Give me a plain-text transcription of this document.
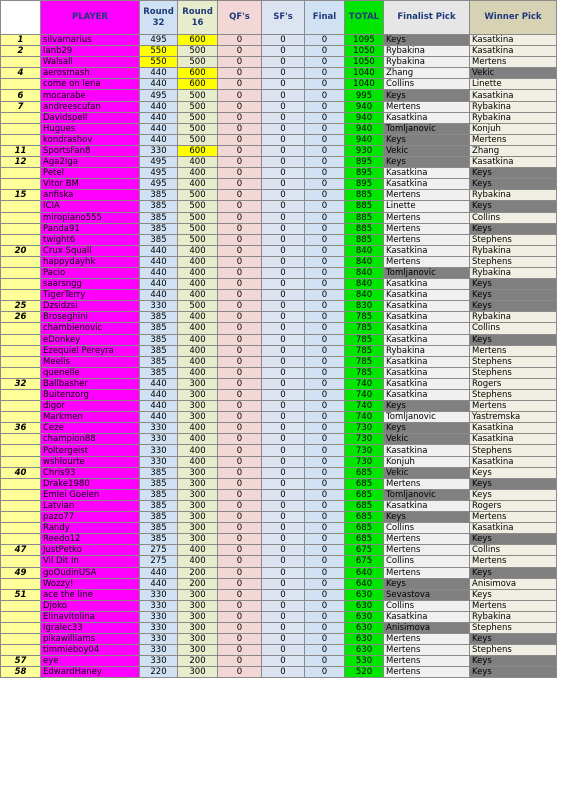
	PLAYER	Round 32	Round 16	QF's	SF's	Final	TOTAL	Finalist Pick	Winner Pick
1	silvamarius	495	600	0	0	0	1095	Keys	Kasatkina
2	Ianb29	550	500	0	0	0	1050	Rybakina	Kasatkina
	Walsall	550	500	0	0	0	1050	Rybakina	Mertens
4	aerosmash	440	600	0	0	0	1040	Zhang	Vekic
	come on lena	440	600	0	0	0	1040	Collins	Linette
6	mocarabe	495	500	0	0	0	995	Keys	Kasatkina
7	andreescufan	440	500	0	0	0	940	Mertens	Rybakina
	Davidspell	440	500	0	0	0	940	Kasatkina	Rybakina
	Hugues	440	500	0	0	0	940	Tomljanovic	Konjuh
	kondrashov	440	500	0	0	0	940	Keys	Mertens
11	SportsFan8	330	600	0	0	0	930	Vekic	Zhang
12	Aga2Iga	495	400	0	0	0	895	Keys	Kasatkina
	Petel	495	400	0	0	0	895	Kasatkina	Keys
	Vitor BM	495	400	0	0	0	895	Kasatkina	Keys
15	anfiska	385	500	0	0	0	885	Mertens	Rybakina
	ICIA	385	500	0	0	0	885	Linette	Keys
	miropiano555	385	500	0	0	0	885	Mertens	Collins
	Panda91	385	500	0	0	0	885	Mertens	Keys
	twight6	385	500	0	0	0	885	Mertens	Stephens
20	Crux Squall	440	400	0	0	0	840	Kasatkina	Rybakina
	happydayhk	440	400	0	0	0	840	Mertens	Stephens
	Pacio	440	400	0	0	0	840	Tomljanovic	Rybakina
	saarsngg	440	400	0	0	0	840	Kasatkina	Keys
	TigerTerry	440	400	0	0	0	840	Kasatkina	Keys
25	Dzsidzsi	330	500	0	0	0	830	Kasatkina	Keys
26	Broseghini	385	400	0	0	0	785	Kasatkina	Rybakina
	chambienovic	385	400	0	0	0	785	Kasatkina	Collins
	eDonkey	385	400	0	0	0	785	Kasatkina	Keys
	Ezequiel Pereyra	385	400	0	0	0	785	Rybakina	Mertens
	Meelis	385	400	0	0	0	785	Kasatkina	Stephens
	quenelle	385	400	0	0	0	785	Kasatkina	Stephens
32	Ballbasher	440	300	0	0	0	740	Kasatkina	Rogers
	Buitenzorg	440	300	0	0	0	740	Kasatkina	Stephens
	digor	440	300	0	0	0	740	Keys	Mertens
	Markmen	440	300	0	0	0	740	Tomljanovic	Yastremska
36	Ceze	330	400	0	0	0	730	Keys	Kasatkina
	champion88	330	400	0	0	0	730	Vekic	Kasatkina
	Poltergeist	330	400	0	0	0	730	Kasatkina	Stephens
	wshlourte	330	400	0	0	0	730	Konjuh	Kasatkina
40	Chris93	385	300	0	0	0	685	Vekic	Keys
	Drake1980	385	300	0	0	0	685	Mertens	Keys
	Emlei Goelen	385	300	0	0	0	685	Tomljanovic	Keys
	Latvian	385	300	0	0	0	685	Kasatkina	Rogers
	pazo77	385	300	0	0	0	685	Keys	Mertens
	Randy	385	300	0	0	0	685	Collins	Kasatkina
	Reedo12	385	300	0	0	0	685	Mertens	Keys
47	JustPetko	275	400	0	0	0	675	Mertens	Collins
	Vil Dit In	275	400	0	0	0	675	Collins	Mertens
49	goOudinUSA	440	200	0	0	0	640	Mertens	Keys
	Wozzy!	440	200	0	0	0	640	Keys	Anisimova
51	ace the line	330	300	0	0	0	630	Sevastova	Keys
	Djoko	330	300	0	0	0	630	Collins	Mertens
	Elinavitolina	330	300	0	0	0	630	Kasatkina	Rybakina
	Igralec33	330	300	0	0	0	630	Anisimova	Stephens
	pikawilliams	330	300	0	0	0	630	Mertens	Keys
	timmieboy04	330	300	0	0	0	630	Mertens	Stephens
57	eye	330	200	0	0	0	530	Mertens	Keys
58	EdwardHaney	220	300	0	0	0	520	Mertens	Keys
